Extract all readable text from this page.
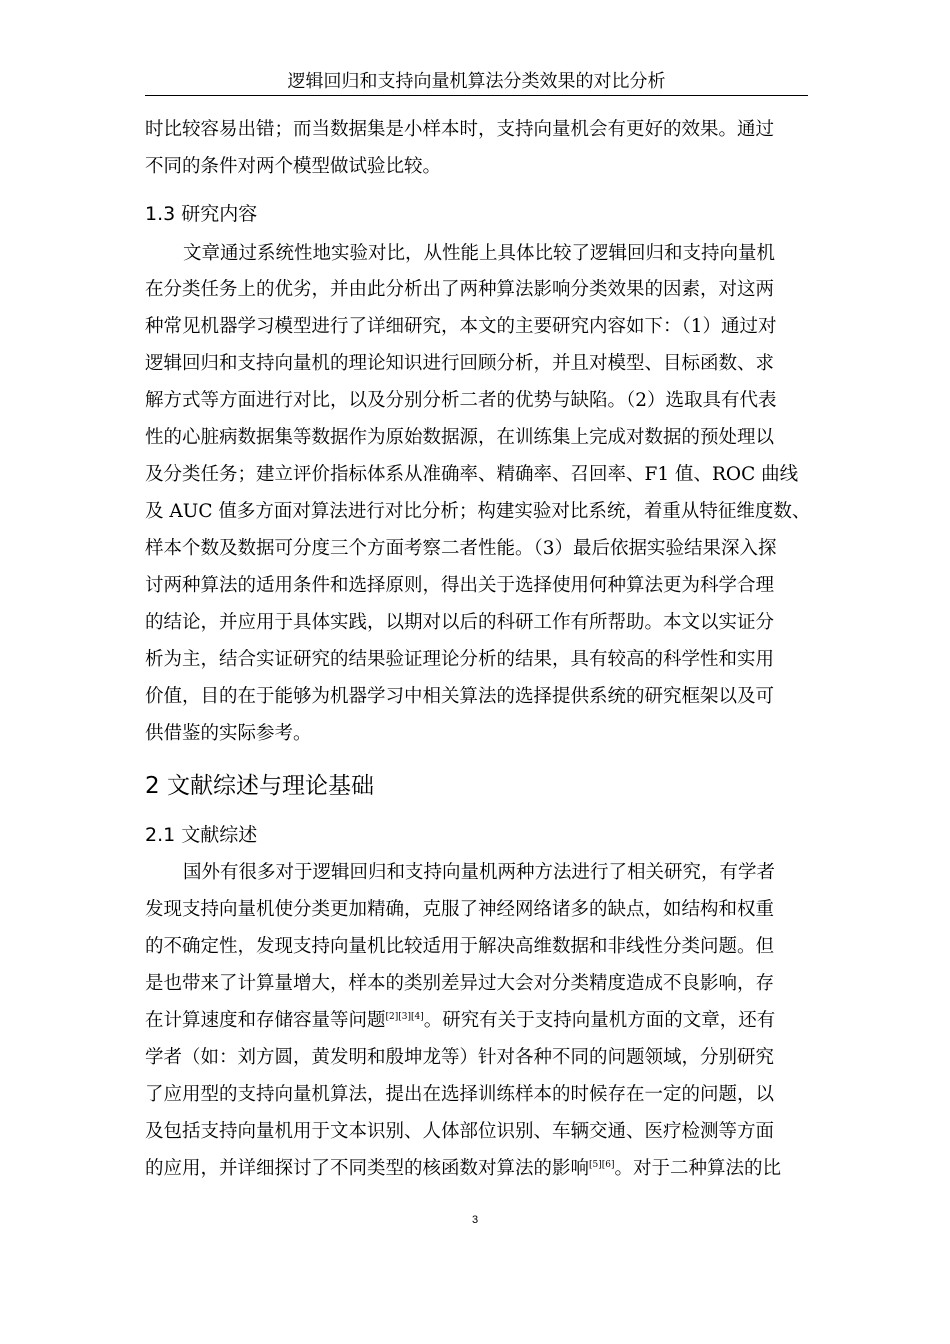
逻辑回归和支持向量机算法分类效果的对比分析
时比较容易出错；而当数据集是小样本时，支持向量机会有更好的效果。通过
不同的条件对两个模型做试验比较。
1.3 研究内容
文章通过系统性地实验对比，从性能上具体比较了逻辑回归和支持向量机
在分类任务上的优劣，并由此分析出了两种算法影响分类效果的因素，对这两
种常见机器学习模型进行了详细研究，本文的主要研究内容如下：（1）通过对
逻辑回归和支持向量机的理论知识进行回顾分析，并且对模型、目标函数、求
解方式等方面进行对比，以及分别分析二者的优势与缺陷。（2）选取具有代表
性的心脏病数据集等数据作为原始数据源，在训练集上完成对数据的预处理以
及分类任务；建立评价指标体系从准确率、精确率、召回率、F1 值、ROC 曲线
及 AUC 值多方面对算法进行对比分析；构建实验对比系统，着重从特征维度数、
样本个数及数据可分度三个方面考察二者性能。（3）最后依据实验结果深入探
讨两种算法的适用条件和选择原则，得出关于选择使用何种算法更为科学合理
的结论，并应用于具体实践，以期对以后的科研工作有所帮助。本文以实证分
析为主，结合实证研究的结果验证理论分析的结果，具有较高的科学性和实用
价值，目的在于能够为机器学习中相关算法的选择提供系统的研究框架以及可
供借鉴的实际参考。
2 文献综述与理论基础
2.1 文献综述
国外有很多对于逻辑回归和支持向量机两种方法进行了相关研究，有学者
发现支持向量机使分类更加精确，克服了神经网络诸多的缺点，如结构和权重
的不确定性，发现支持向量机比较适用于解决高维数据和非线性分类问题。但
是也带来了计算量增大，样本的类别差异过大会对分类精度造成不良影响，存
在计算速度和存储容量等问题[2][3][4]。研究有关于支持向量机方面的文章，还有
学者（如：刘方圆，黄发明和殷坤龙等）针对各种不同的问题领域，分别研究
了应用型的支持向量机算法，提出在选择训练样本的时候存在一定的问题，以
及包括支持向量机用于文本识别、人体部位识别、车辆交通、医疗检测等方面
的应用，并详细探讨了不同类型的核函数对算法的影响[5][6]。对于二种算法的比
3
